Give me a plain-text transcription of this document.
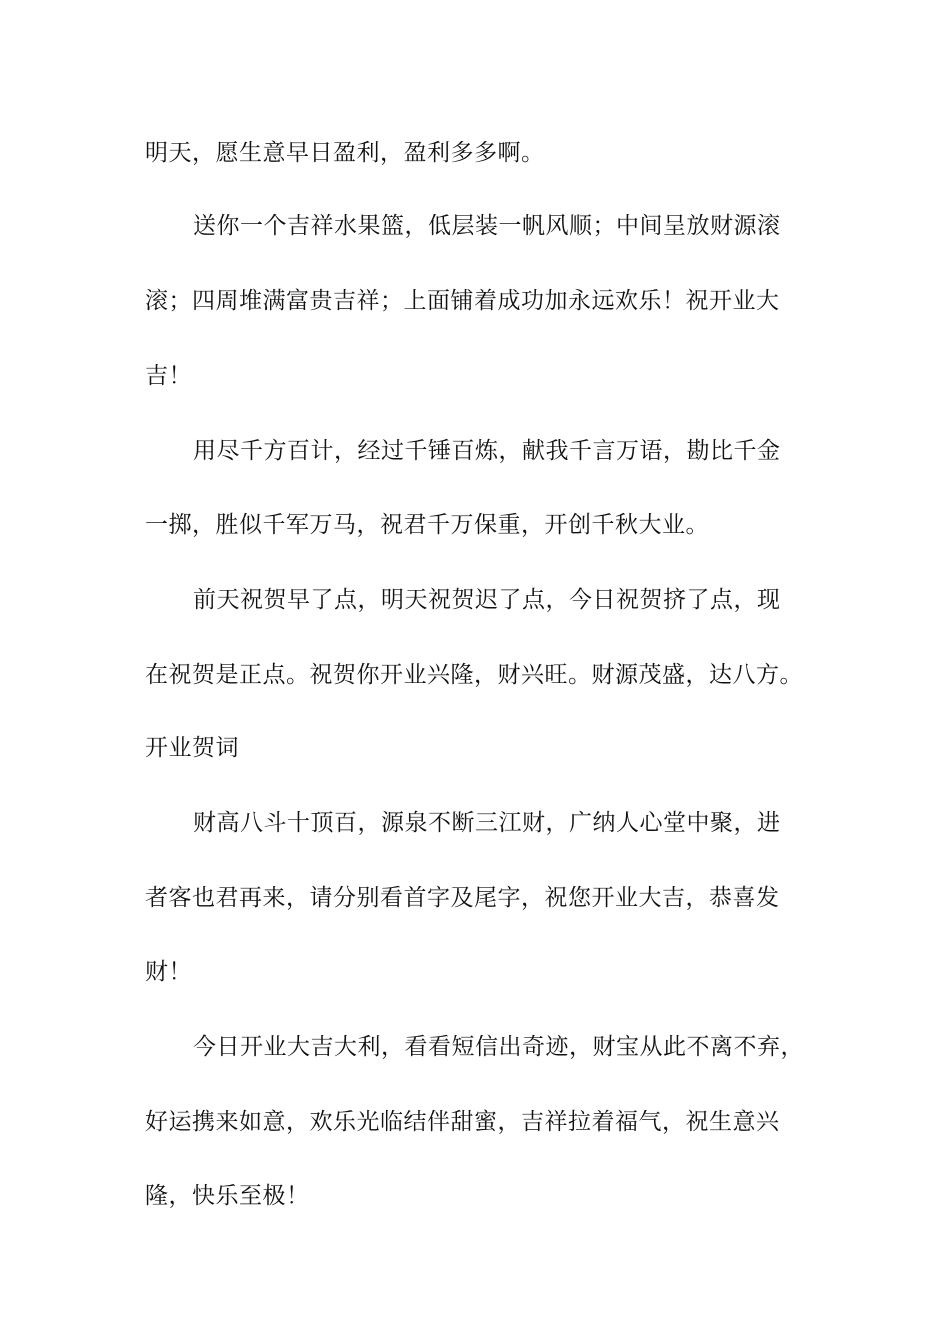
明天，愿生意早日盈利，盈利多多啊。
送你一个吉祥水果篮，低层装一帆风顺；中间呈放财源滚
滚；四周堆满富贵吉祥；上面铺着成功加永远欢乐！祝开业大
吉！
用尽千方百计，经过千锤百炼，献我千言万语，勘比千金
一掷，胜似千军万马，祝君千万保重，开创千秋大业。
前天祝贺早了点，明天祝贺迟了点，今日祝贺挤了点，现
在祝贺是正点。祝贺你开业兴隆，财兴旺。财源茂盛，达八方。
开业贺词
财高八斗十顶百，源泉不断三江财，广纳人心堂中聚，进
者客也君再来，请分别看首字及尾字，祝您开业大吉，恭喜发
财！
今日开业大吉大利，看看短信出奇迹，财宝从此不离不弃，
好运携来如意，欢乐光临结伴甜蜜，吉祥拉着福气，祝生意兴
隆，快乐至极！
